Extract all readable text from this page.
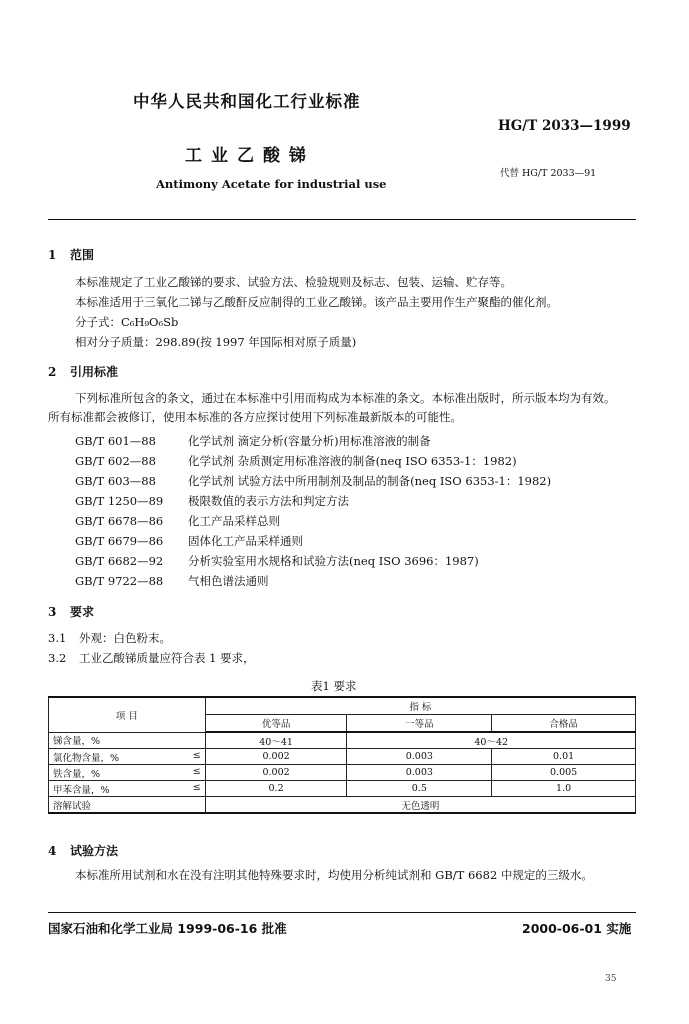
中华人民共和国化工行业标准
HG/T 2033—1999
工业乙酸锑
代替 HG/T 2033—91
Antimony Acetate for industrial use
1 范围
本标准规定了工业乙酸锑的要求、试验方法、检验规则及标志、包装、运输、贮存等。
本标准适用于三氧化二锑与乙酸酐反应制得的工业乙酸锑。该产品主要用作生产聚酯的催化剂。
分子式：C₆H₉O₆Sb
相对分子质量：298.89(按 1997 年国际相对原子质量)
2 引用标准
下列标准所包含的条文，通过在本标准中引用而构成为本标准的条文。本标准出版时，所示版本均为有效。所有标准都会被修订，使用本标准的各方应探讨使用下列标准最新版本的可能性。
GB/T 601—88	化学试剂 滴定分析(容量分析)用标准溶液的制备
GB/T 602—88	化学试剂 杂质测定用标准溶液的制备(neq ISO 6353-1：1982)
GB/T 603—88	化学试剂 试验方法中所用制剂及制品的制备(neq ISO 6353-1：1982)
GB/T 1250—89 极限数值的表示方法和判定方法
GB/T 6678—86 化工产品采样总则
GB/T 6679—86 固体化工产品采样通则
GB/T 6682—92 分析实验室用水规格和试验方法(neq ISO 3696：1987)
GB/T 9722—88 气相色谱法通则
3 要求
3.1 外观：白色粉末。
3.2 工业乙酸锑质量应符合表 1 要求，
表1 要求
项 目	指 标		
	优等品	一等品	合格品
锑含量，%	40～41	40～42	
氯化物含量，% ≤	0.002	0.003	0.01
铁含量，% ≤	0.002	0.003	0.005
甲苯含量，% ≤	0.2	0.5	1.0
溶解试验	无色透明		
4 试验方法
本标准所用试剂和水在没有注明其他特殊要求时，均使用分析纯试剂和 GB/T 6682 中规定的三级水。
国家石油和化学工业局 1999-06-16 批准	2000-06-01 实施
35
